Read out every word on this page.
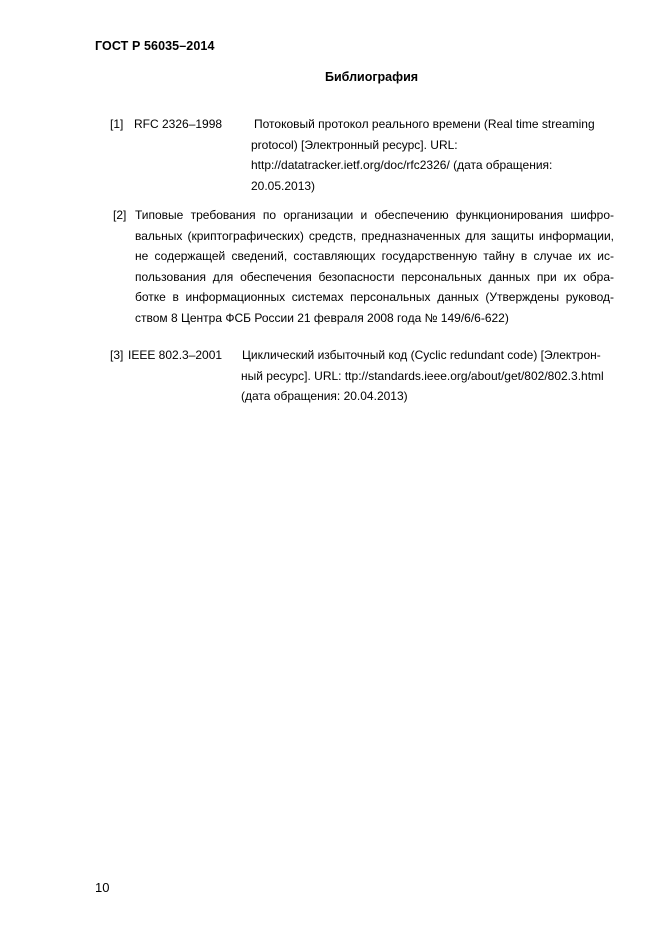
ГОСТ Р 56035–2014
Библиография
[1] RFC 2326–1998	Потоковый протокол реального времени (Real time streaming
protocol) [Электронный ресурс]. URL:
http://datatracker.ietf.org/doc/rfc2326/ (дата обращения:
20.05.2013)
[2] Типовые требования по организации и обеспечению функционирования шифро-
вальных (криптографических) средств, предназначенных для защиты информации,
не содержащей сведений, составляющих государственную тайну в случае их ис-
пользования для обеспечения безопасности персональных данных при их обра-
ботке в информационных системах персональных данных (Утверждены руковод-
ством 8 Центра ФСБ России 21 февраля 2008 года № 149/6/6-622)
[3] IEEE 802.3–2001 Циклический избыточный код (Cyclic redundant code) [Электрон-
ный ресурс]. URL: ttp://standards.ieee.org/about/get/802/802.3.html
(дата обращения: 20.04.2013)
10
